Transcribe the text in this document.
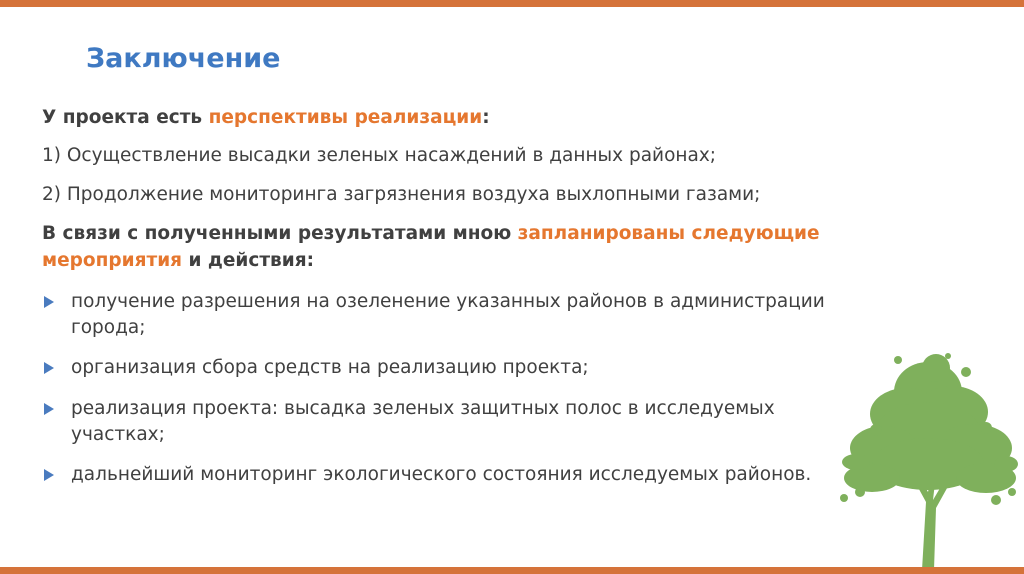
Заключение
У проекта есть перспективы реализации:
1) Осуществление высадки зеленых насаждений в данных районах;
2) Продолжение мониторинга загрязнения воздуха выхлопными газами;
В связи с полученными результатами мною запланированы следующие
мероприятия и действия:
получение разрешения на озеленение указанных районов в администрации города;
организация сбора средств на реализацию проекта;
реализация проекта: высадка зеленых защитных полос в исследуемых участках;
дальнейший мониторинг экологического состояния исследуемых районов.
